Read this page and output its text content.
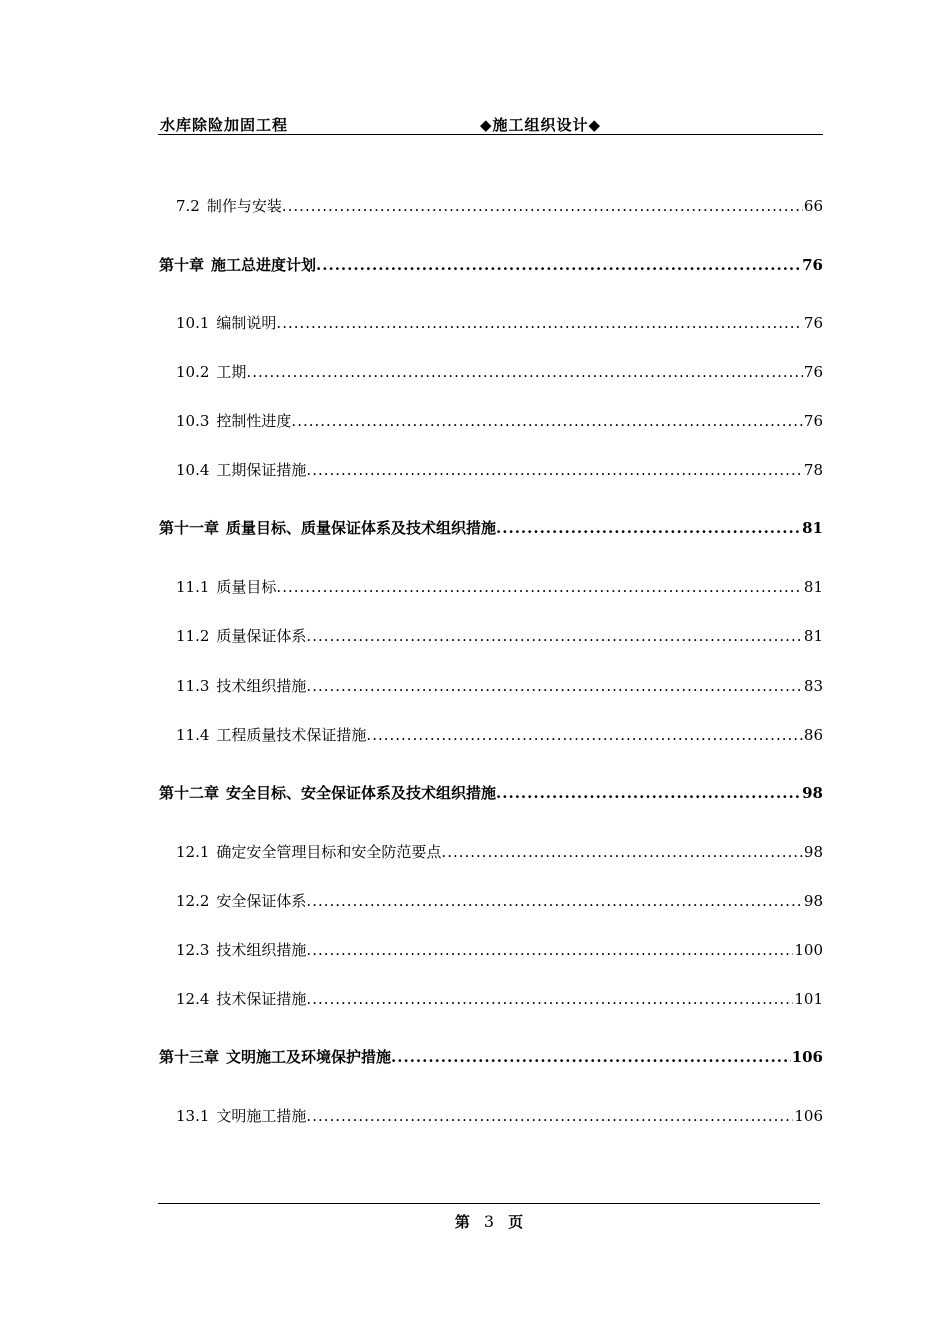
水库除险加固工程	◆施工组织设计◆
7.2 制作与安装 .....	66
第十章 施工总进度计划 .....	76
10.1 编制说明 .....	76
10.2 工期 .....	76
10.3 控制性进度 .....	76
10.4 工期保证措施 .....	78
第十一章 质量目标、质量保证体系及技术组织措施 .....	81
11.1 质量目标 .....	81
11.2 质量保证体系 .....	81
11.3 技术组织措施 .....	83
11.4 工程质量技术保证措施 .....	86
第十二章 安全目标、安全保证体系及技术组织措施 .....	98
12.1 确定安全管理目标和安全防范要点 .....	98
12.2 安全保证体系 .....	98
12.3 技术组织措施 .....	100
12.4 技术保证措施 .....	101
第十三章 文明施工及环境保护措施 .....	106
13.1 文明施工措施 .....	106
第 3 页
